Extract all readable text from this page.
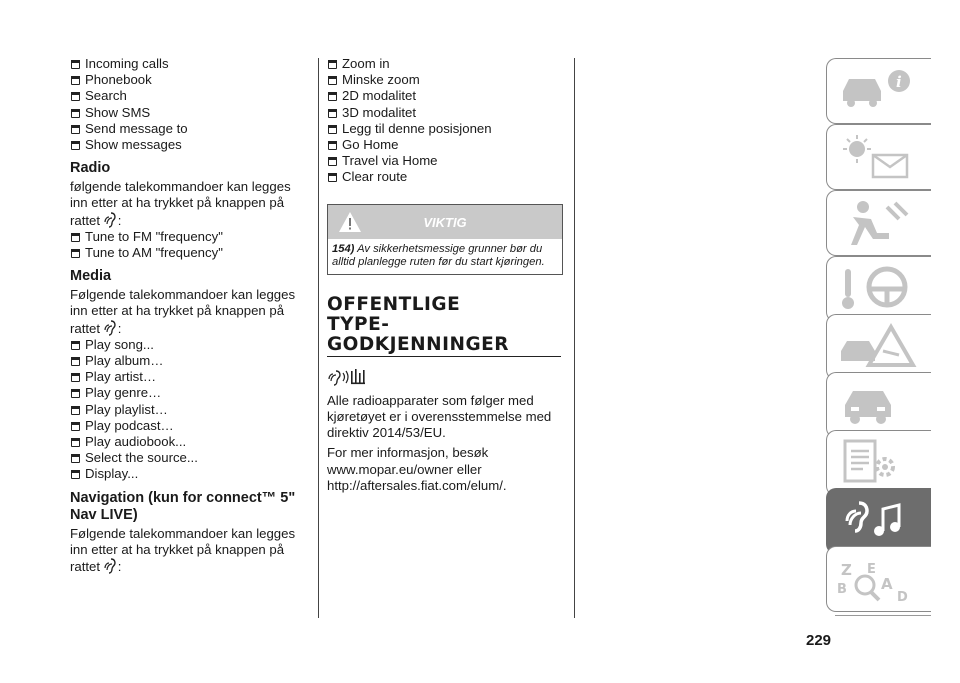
Incoming calls
Phonebook
Search
Show SMS
Send message to
Show messages
Radio

følgende talekommandoer kan legges inn etter at ha trykket på knappen på rattet :

Tune to FM "frequency"
Tune to AM "frequency"
Media

Følgende talekommandoer kan legges inn etter at ha trykket på knappen på rattet :

Play song...
Play album…
Play artist…
Play genre…
Play playlist…
Play podcast…
Play audiobook...
Select the source...
Display...
Navigation (kun for connect™ 5" Nav LIVE)

Følgende talekommandoer kan legges inn etter at ha trykket på knappen på rattet :

Zoom in
Minske zoom
2D modalitet
3D modalitet
Legg til denne posisjonen
Go Home
Travel via Home
Clear route
VIKTIG
154) Av sikkerhetsmessige grunner bør du alltid planlegge ruten før du start kjøringen.
OFFENTLIGE
TYPE-
GODKJENNINGER

Alle radioapparater som følger med kjøretøyet er i overensstemmelse med direktiv 2014/53/EU.

For mer informasjon, besøk www.mopar.eu/owner eller http://aftersales.fiat.com/elum/.

i
Z E
B A
D
229
